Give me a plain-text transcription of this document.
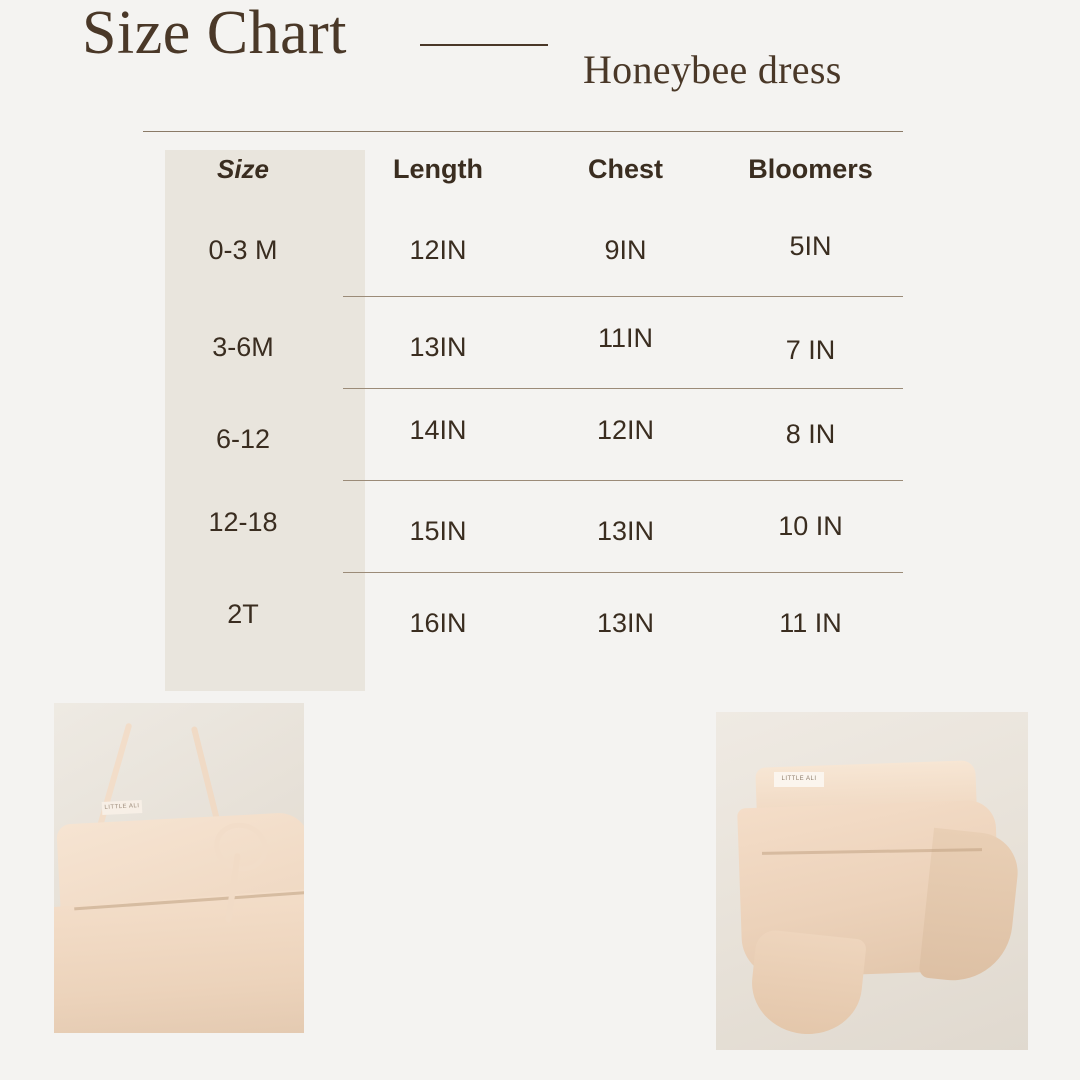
Size Chart
Honeybee dress
Size	Length	Chest	Bloomers
0-3 M	12IN	9IN	5IN
3-6M	13IN	11IN	7 IN
6-12	14IN	12IN	8 IN
12-18	15IN	13IN	10 IN
2T	16IN	13IN	11 IN
LITTLE ALI
LITTLE ALI
